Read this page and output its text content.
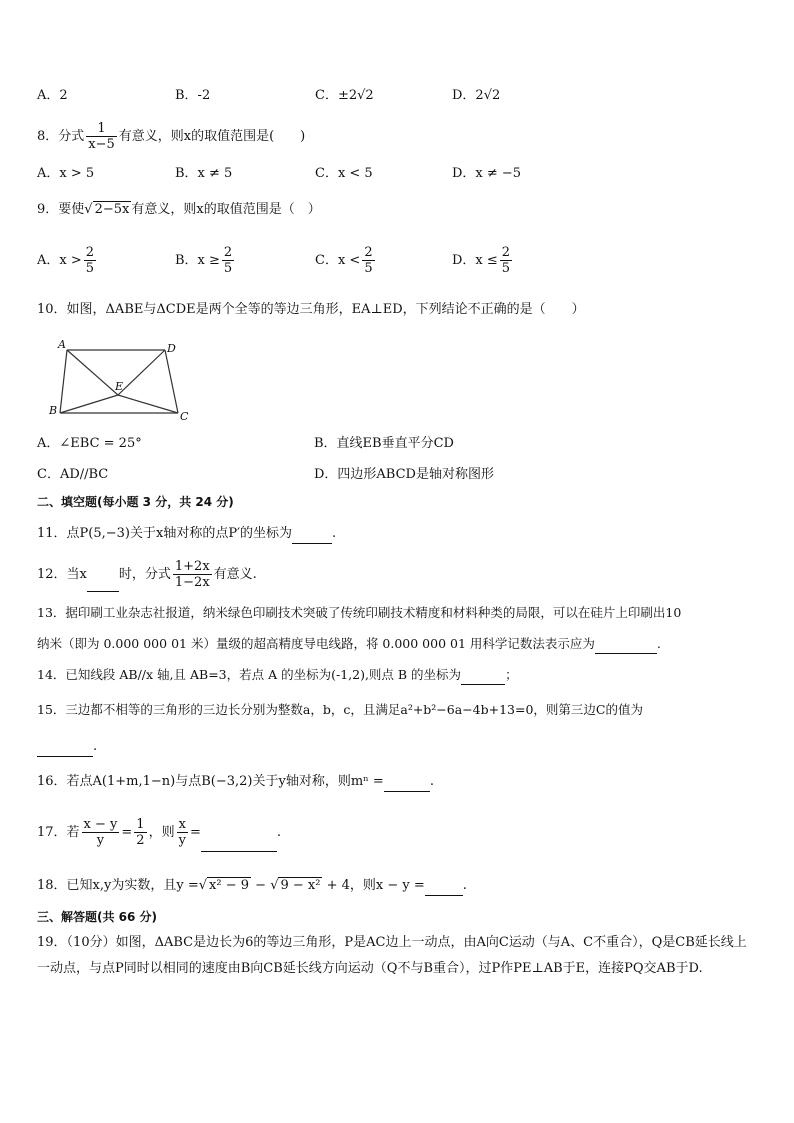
A．2	B．-2	C．±2√2	D．2√2
8．分式 $\frac{1}{x-5}$ 有意义，则x的取值范围是(　　)
A．x > 5	B．x ≠ 5	C．x < 5	D．x ≠ −5
9．要使√ 2−5x 有意义，则x的取值范围是（　）
A．$x > \frac{2}{5}$	B．$x \ge \frac{2}{5}$	C．$x < \frac{2}{5}$	D．$x \le \frac{2}{5}$
10．如图，ΔABE与ΔCDE是两个全等的等边三角形，EA⊥ED，下列结论不正确的是（　　）
A	D
E
B	C
A．∠EBC = 25°	B．直线EB垂直平分CD
C．AD//BC	D．四边形ABCD是轴对称图形
二、填空题(每小题 3 分，共 24 分)
11．点P(5,−3)关于x轴对称的点P′的坐标为	.
12．当x 时，分式 $\frac{1+2x}{1-2x}$ 有意义.
13．据印刷工业杂志社报道，纳米绿色印刷技术突破了传统印刷技术精度和材料种类的局限，可以在硅片上印刷出10
纳米（即为 0.000 000 01 米）量级的超高精度导电线路，将 0.000 000 01 用科学记数法表示应为	.
14．已知线段 AB//x 轴,且 AB=3，若点 A 的坐标为(-1,2),则点 B 的坐标为	；
15．三边都不相等的三角形的三边长分别为整数a，b，c，且满足a²+b²−6a−4b+13=0，则第三边C的值为
.
16．若点A(1+m,1−n)与点B(−3,2)关于y轴对称，则mⁿ =	.
17．若 $\frac{x - y}{y} = \frac{1}{2}$ ，则 $\frac{x}{y}$ =	.
18．已知x,y为实数，且y =√ x² − 9 − √ 9 − x² + 4，则x − y =	.
三、解答题(共 66 分)
19．（10分）如图，ΔABC是边长为6的等边三角形，P是AC边上一动点，由A向C运动（与A、C不重合），Q是CB延长线上一动点，与点P同时以相同的速度由B向CB延长线方向运动（Q不与B重合），过P作PE⊥AB于E，连接PQ交AB于D.
